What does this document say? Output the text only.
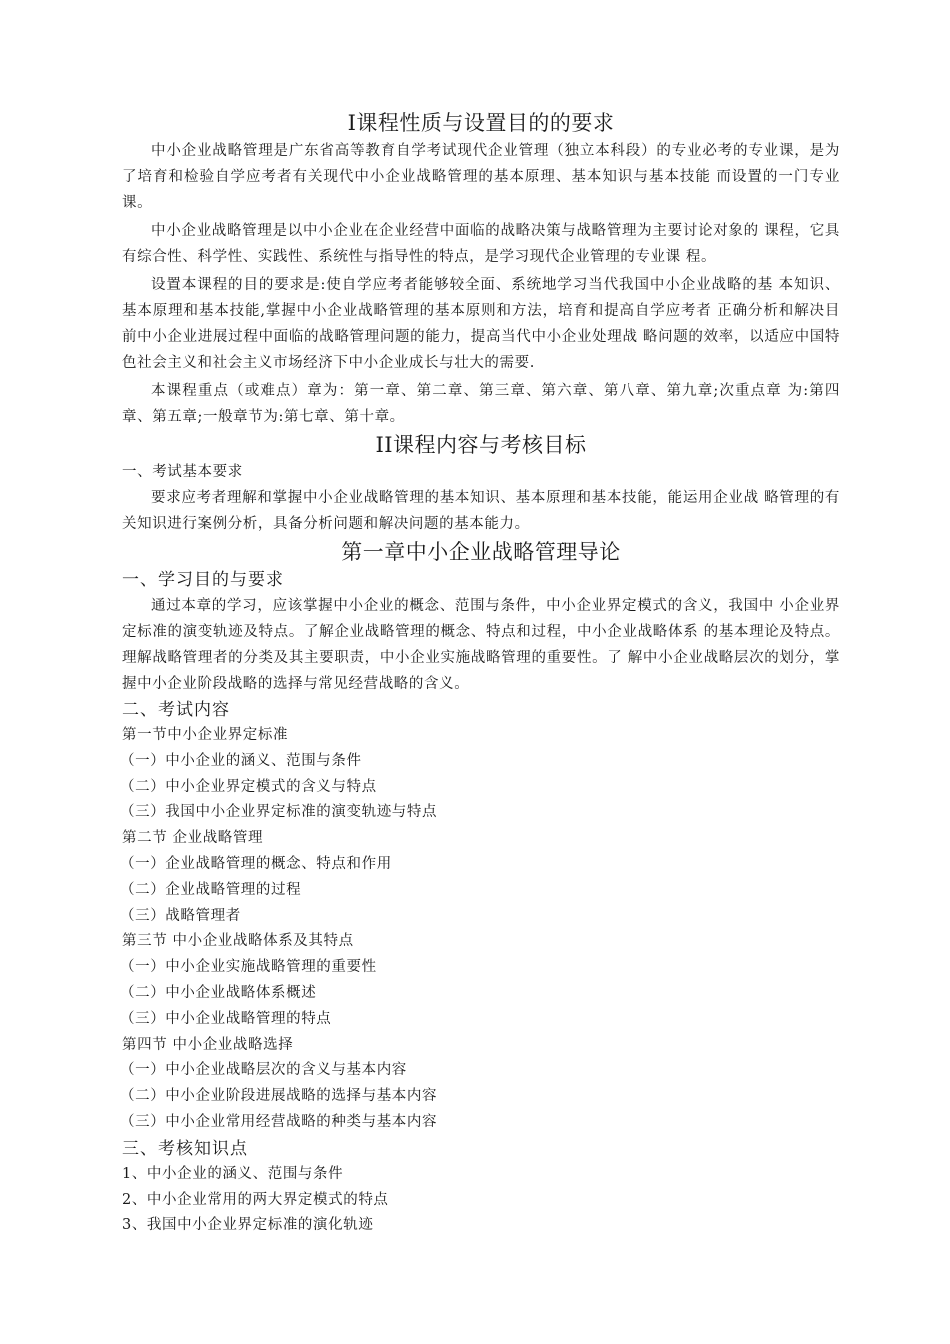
I课程性质与设置目的的要求

中小企业战略管理是广东省高等教育自学考试现代企业管理（独立本科段）的专业必考的专业课，是为了培育和检验自学应考者有关现代中小企业战略管理的基本原理、基本知识与基本技能 而设置的一门专业课。

中小企业战略管理是以中小企业在企业经营中面临的战略决策与战略管理为主要讨论对象的 课程，它具有综合性、科学性、实践性、系统性与指导性的特点，是学习现代企业管理的专业课 程。

设置本课程的目的要求是:使自学应考者能够较全面、系统地学习当代我国中小企业战略的基 本知识、基本原理和基本技能,掌握中小企业战略管理的基本原则和方法，培育和提高自学应考者 正确分析和解决目前中小企业进展过程中面临的战略管理问题的能力，提高当代中小企业处理战 略问题的效率，以适应中国特色社会主义和社会主义市场经济下中小企业成长与壮大的需要.

本课程重点（或难点）章为：第一章、第二章、第三章、第六章、第八章、第九章;次重点章 为:第四章、第五章;一般章节为:第七章、第十章。

II课程内容与考核目标

一、考试基本要求

要求应考者理解和掌握中小企业战略管理的基本知识、基本原理和基本技能，能运用企业战 略管理的有关知识进行案例分析，具备分析问题和解决问题的基本能力。

第一章中小企业战略管理导论

一、学习目的与要求

通过本章的学习，应该掌握中小企业的概念、范围与条件，中小企业界定模式的含义，我国中 小企业界定标准的演变轨迹及特点。了解企业战略管理的概念、特点和过程，中小企业战略体系 的基本理论及特点。理解战略管理者的分类及其主要职责，中小企业实施战略管理的重要性。了 解中小企业战略层次的划分，掌握中小企业阶段战略的选择与常见经营战略的含义。

二、考试内容

第一节中小企业界定标准

（一）中小企业的涵义、范围与条件

（二）中小企业界定模式的含义与特点

（三）我国中小企业界定标准的演变轨迹与特点

第二节 企业战略管理

（一）企业战略管理的概念、特点和作用

（二）企业战略管理的过程

（三）战略管理者

第三节 中小企业战略体系及其特点

（一）中小企业实施战略管理的重要性

（二）中小企业战略体系概述

（三）中小企业战略管理的特点

第四节 中小企业战略选择

（一）中小企业战略层次的含义与基本内容

（二）中小企业阶段进展战略的选择与基本内容

（三）中小企业常用经营战略的种类与基本内容

三、考核知识点

1、中小企业的涵义、范围与条件

2、中小企业常用的两大界定模式的特点

3、我国中小企业界定标准的演化轨迹
